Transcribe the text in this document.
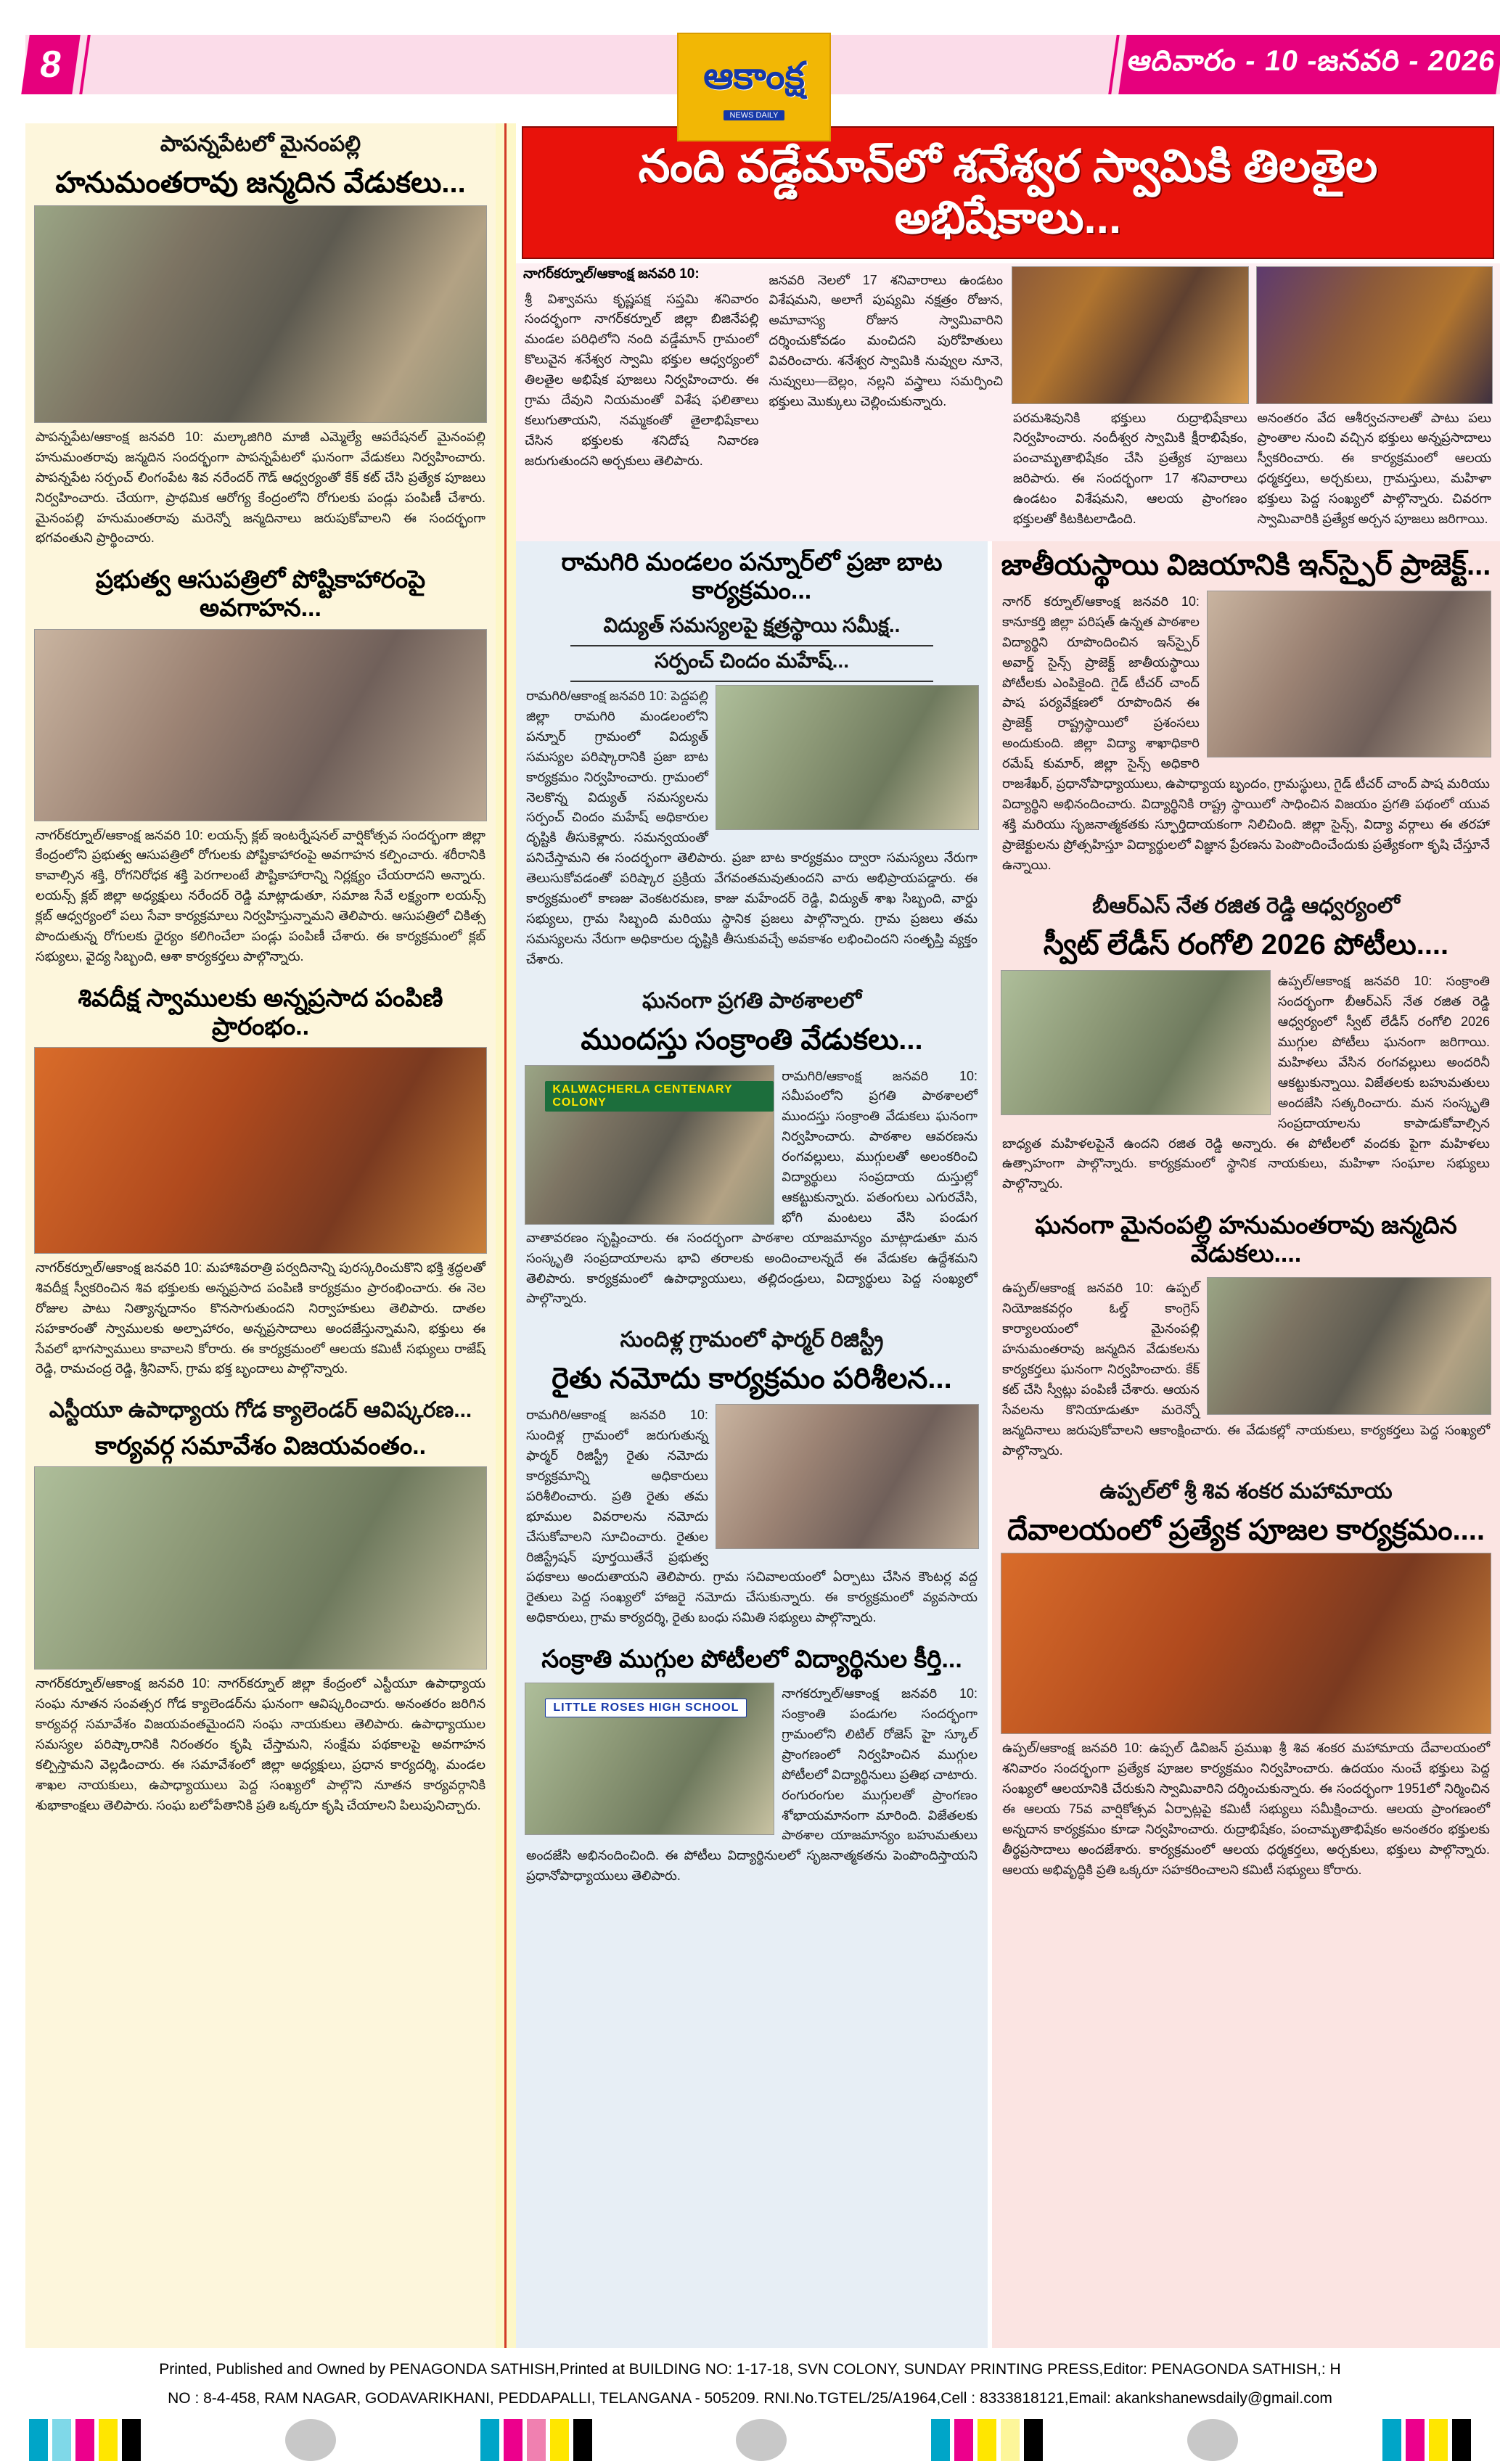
8	ఆదివారం - 10 -జనవరి - 2026
ఆకాంక్ష
NEWS DAILY
పాపన్నపేటలో మైనంపల్లి
హనుమంతరావు జన్మదిన వేడుకలు...
పాపన్నపేట/ఆకాంక్ష జనవరి 10: మల్కాజిగిరి మాజీ ఎమ్మెల్యే ఆపరేషనల్ మైనంపల్లి హనుమంతరావు జన్మదిన సందర్భంగా పాపన్నపేటలో ఘనంగా వేడుకలు నిర్వహించారు. పాపన్నపేట సర్పంచ్ లింగంపేట శివ నరేందర్ గౌడ్ ఆధ్వర్యంతో కేక్ కట్ చేసి ప్రత్యేక పూజలు నిర్వహించారు. చేయగా, ప్రాథమిక ఆరోగ్య కేంద్రంలోని రోగులకు పండ్లు పంపిణీ చేశారు. మైనంపల్లి హనుమంతరావు మరెన్నో జన్మదినాలు జరుపుకోవాలని ఈ సందర్భంగా భగవంతుని ప్రార్థించారు.
ప్రభుత్వ ఆసుపత్రిలో పోష్టికాహారంపై అవగాహన...
నాగర్‌కర్నూల్/ఆకాంక్ష జనవరి 10: లయన్స్ క్లబ్ ఇంటర్నేషనల్ వార్షికోత్సవ సందర్భంగా జిల్లా కేంద్రంలోని ప్రభుత్వ ఆసుపత్రిలో రోగులకు పోష్టికాహారంపై అవగాహన కల్పించారు. శరీరానికి కావాల్సిన శక్తి, రోగనిరోధక శక్తి పెరగాలంటే పౌష్టికాహారాన్ని నిర్లక్ష్యం చేయరాదని అన్నారు. లయన్స్ క్లబ్ జిల్లా అధ్యక్షులు నరేందర్ రెడ్డి మాట్లాడుతూ, సమాజ సేవే లక్ష్యంగా లయన్స్ క్లబ్ ఆధ్వర్యంలో పలు సేవా కార్యక్రమాలు నిర్వహిస్తున్నామని తెలిపారు. ఆసుపత్రిలో చికిత్స పొందుతున్న రోగులకు ధైర్యం కలిగించేలా పండ్లు పంపిణీ చేశారు. ఈ కార్యక్రమంలో క్లబ్ సభ్యులు, వైద్య సిబ్బంది, ఆశా కార్యకర్తలు పాల్గొన్నారు.
శివదీక్ష స్వాములకు అన్నప్రసాద పంపిణి ప్రారంభం..
నాగర్‌కర్నూల్/ఆకాంక్ష జనవరి 10: మహాశివరాత్రి పర్వదినాన్ని పురస్కరించుకొని భక్తి శ్రద్ధలతో శివదీక్ష స్వీకరించిన శివ భక్తులకు అన్నప్రసాద పంపిణి కార్యక్రమం ప్రారంభించారు. ఈ నెల రోజుల పాటు నిత్యాన్నదానం కొనసాగుతుందని నిర్వాహకులు తెలిపారు. దాతల సహకారంతో స్వాములకు అల్పాహారం, అన్నప్రసాదాలు అందజేస్తున్నామని, భక్తులు ఈ సేవలో భాగస్వాములు కావాలని కోరారు. ఈ కార్యక్రమంలో ఆలయ కమిటీ సభ్యులు రాజేష్ రెడ్డి, రామచంద్ర రెడ్డి, శ్రీనివాస్, గ్రామ భక్త బృందాలు పాల్గొన్నారు.
ఎస్టీయూ ఉపాధ్యాయ గోడ క్యాలెండర్ ఆవిష్కరణ...
కార్యవర్గ సమావేశం విజయవంతం..
నాగర్‌కర్నూల్/ఆకాంక్ష జనవరి 10: నాగర్‌కర్నూల్ జిల్లా కేంద్రంలో ఎస్టీయూ ఉపాధ్యాయ సంఘ నూతన సంవత్సర గోడ క్యాలెండర్‌ను ఘనంగా ఆవిష్కరించారు. అనంతరం జరిగిన కార్యవర్గ సమావేశం విజయవంతమైందని సంఘ నాయకులు తెలిపారు. ఉపాధ్యాయుల సమస్యల పరిష్కారానికి నిరంతరం కృషి చేస్తామని, సంక్షేమ పథకాలపై అవగాహన కల్పిస్తామని వెల్లడించారు. ఈ సమావేశంలో జిల్లా అధ్యక్షులు, ప్రధాన కార్యదర్శి, మండల శాఖల నాయకులు, ఉపాధ్యాయులు పెద్ద సంఖ్యలో పాల్గొని నూతన కార్యవర్గానికి శుభాకాంక్షలు తెలిపారు. సంఘ బలోపేతానికి ప్రతి ఒక్కరూ కృషి చేయాలని పిలుపునిచ్చారు.
నంది వడ్డేమాన్‌లో శనేశ్వర స్వామికి తిలతైల అభిషేకాలు...
నాగర్‌కర్నూల్/ఆకాంక్ష జనవరి 10:
శ్రీ విశ్వావసు కృష్ణపక్ష సప్తమి శనివారం సందర్భంగా నాగర్‌కర్నూల్ జిల్లా బిజినేపల్లి మండల పరిధిలోని నంది వడ్డేమాన్ గ్రామంలో కొలువైన శనేశ్వర స్వామి భక్తుల ఆధ్వర్యంలో తిలతైల అభిషేక పూజలు నిర్వహించారు. ఈ గ్రామ దేవుని నియమంతో విశేష ఫలితాలు కలుగుతాయని, నమ్మకంతో తైలాభిషేకాలు చేసిన భక్తులకు శనిదోష నివారణ జరుగుతుందని అర్చకులు తెలిపారు.
జనవరి నెలలో 17 శనివారాలు ఉండటం విశేషమని, అలాగే పుష్యమి నక్షత్రం రోజున, అమావాస్య రోజున స్వామివారిని దర్శించుకోవడం మంచిదని పురోహితులు వివరించారు. శనేశ్వర స్వామికి నువ్వుల నూనె, నువ్వులు—బెల్లం, నల్లని వస్త్రాలు సమర్పించి భక్తులు మొక్కులు చెల్లించుకున్నారు.
పరమశివునికి భక్తులు రుద్రాభిషేకాలు నిర్వహించారు. నందీశ్వర స్వామికి క్షీరాభిషేకం, పంచామృతాభిషేకం చేసి ప్రత్యేక పూజలు జరిపారు. ఈ సందర్భంగా 17 శనివారాలు ఉండటం విశేషమని, ఆలయ ప్రాంగణం భక్తులతో కిటకిటలాడింది.
అనంతరం వేద ఆశీర్వచనాలతో పాటు పలు ప్రాంతాల నుంచి వచ్చిన భక్తులు అన్నప్రసాదాలు స్వీకరించారు. ఈ కార్యక్రమంలో ఆలయ ధర్మకర్తలు, అర్చకులు, గ్రామస్తులు, మహిళా భక్తులు పెద్ద సంఖ్యలో పాల్గొన్నారు. చివరగా స్వామివారికి ప్రత్యేక అర్చన పూజలు జరిగాయి.
రామగిరి మండలం పన్నూర్‌లో ప్రజా బాట కార్యక్రమం...
విద్యుత్ సమస్యలపై క్షత్రస్థాయి సమీక్ష..
సర్పంచ్ చిందం మహేష్...
రామగిరి/ఆకాంక్ష జనవరి 10: పెద్దపల్లి జిల్లా రామగిరి మండలంలోని పన్నూర్ గ్రామంలో విద్యుత్ సమస్యల పరిష్కారానికి ప్రజా బాట కార్యక్రమం నిర్వహించారు. గ్రామంలో నెలకొన్న విద్యుత్ సమస్యలను సర్పంచ్ చిందం మహేష్ అధికారుల దృష్టికి తీసుకెళ్లారు. సమన్వయంతో పనిచేస్తామని ఈ సందర్భంగా తెలిపారు. ప్రజా బాట కార్యక్రమం ద్వారా సమస్యలు నేరుగా తెలుసుకోవడంతో పరిష్కార ప్రక్రియ వేగవంతమవుతుందని వారు అభిప్రాయపడ్డారు. ఈ కార్యక్రమంలో కాణజు వెంకటరమణ, కాజు మహేందర్ రెడ్డి, విద్యుత్ శాఖ సిబ్బంది, వార్డు సభ్యులు, గ్రామ సిబ్బంది మరియు స్థానిక ప్రజలు పాల్గొన్నారు. గ్రామ ప్రజలు తమ సమస్యలను నేరుగా అధికారుల దృష్టికి తీసుకువచ్చే అవకాశం లభించిందని సంతృప్తి వ్యక్తం చేశారు.
ఘనంగా ప్రగతి పాఠశాలలో
ముందస్తు సంక్రాంతి వేడుకలు...
KALWACHERLA CENTENARY COLONY
రామగిరి/ఆకాంక్ష జనవరి 10: సమీపంలోని ప్రగతి పాఠశాలలో ముందస్తు సంక్రాంతి వేడుకలు ఘనంగా నిర్వహించారు. పాఠశాల ఆవరణను రంగవల్లులు, ముగ్గులతో అలంకరించి విద్యార్థులు సంప్రదాయ దుస్తుల్లో ఆకట్టుకున్నారు. పతంగులు ఎగురవేసి, భోగి మంటలు వేసి పండుగ వాతావరణం సృష్టించారు. ఈ సందర్భంగా పాఠశాల యాజమాన్యం మాట్లాడుతూ మన సంస్కృతి సంప్రదాయాలను భావి తరాలకు అందించాలన్నదే ఈ వేడుకల ఉద్దేశమని తెలిపారు. కార్యక్రమంలో ఉపాధ్యాయులు, తల్లిదండ్రులు, విద్యార్థులు పెద్ద సంఖ్యలో పాల్గొన్నారు.
సుందిళ్ల గ్రామంలో ఫార్మర్ రిజిస్ట్రీ
రైతు నమోదు కార్యక్రమం పరిశీలన...
రామగిరి/ఆకాంక్ష జనవరి 10: సుందిళ్ల గ్రామంలో జరుగుతున్న ఫార్మర్ రిజిస్ట్రీ రైతు నమోదు కార్యక్రమాన్ని అధికారులు పరిశీలించారు. ప్రతి రైతు తమ భూముల వివరాలను నమోదు చేసుకోవాలని సూచించారు. రైతుల రిజిస్ట్రేషన్ పూర్తయితేనే ప్రభుత్వ పథకాలు అందుతాయని తెలిపారు. గ్రామ సచివాలయంలో ఏర్పాటు చేసిన కౌంటర్ల వద్ద రైతులు పెద్ద సంఖ్యలో హాజరై నమోదు చేసుకున్నారు. ఈ కార్యక్రమంలో వ్యవసాయ అధికారులు, గ్రామ కార్యదర్శి, రైతు బంధు సమితి సభ్యులు పాల్గొన్నారు.
సంక్రాతి ముగ్గుల పోటీలలో విద్యార్థినుల కీర్తి...
LITTLE ROSES HIGH SCHOOL
నాగకర్నూల్/ఆకాంక్ష జనవరి 10: సంక్రాంతి పండుగల సందర్భంగా గ్రామంలోని లిటిల్ రోజెస్ హై స్కూల్ ప్రాంగణంలో నిర్వహించిన ముగ్గుల పోటీలలో విద్యార్థినులు ప్రతిభ చాటారు. రంగురంగుల ముగ్గులతో ప్రాంగణం శోభాయమానంగా మారింది. విజేతలకు పాఠశాల యాజమాన్యం బహుమతులు అందజేసి అభినందించింది. ఈ పోటీలు విద్యార్థినులలో సృజనాత్మకతను పెంపొందిస్తాయని ప్రధానోపాధ్యాయులు తెలిపారు.
జాతీయస్థాయి విజయానికి ఇన్‌స్పైర్ ప్రాజెక్ట్...
నాగర్ కర్నూల్/ఆకాంక్ష జనవరి 10: కానూకర్తి జిల్లా పరిషత్ ఉన్నత పాఠశాల విద్యార్థిని రూపొందించిన ఇన్‌స్పైర్ అవార్డ్ సైన్స్ ప్రాజెక్ట్ జాతీయస్థాయి పోటీలకు ఎంపికైంది. గైడ్ టీచర్ చాంద్ పాష పర్యవేక్షణలో రూపొందిన ఈ ప్రాజెక్ట్ రాష్ట్రస్థాయిలో ప్రశంసలు అందుకుంది. జిల్లా విద్యా శాఖాధికారి రమేష్ కుమార్, జిల్లా సైన్స్ అధికారి రాజశేఖర్, ప్రధానోపాధ్యాయులు, ఉపాధ్యాయ బృందం, గ్రామస్థులు, గైడ్ టీచర్ చాంద్ పాష మరియు విద్యార్థిని అభినందించారు. విద్యార్థినికి రాష్ట్ర స్థాయిలో సాధించిన విజయం ప్రగతి పథంలో యువ శక్తి మరియు సృజనాత్మకతకు స్ఫూర్తిదాయకంగా నిలిచింది. జిల్లా సైన్స్, విద్యా వర్గాలు ఈ తరహా ప్రాజెక్టులను ప్రోత్సహిస్తూ విద్యార్థులలో విజ్ఞాన ప్రేరణను పెంపొందించేందుకు ప్రత్యేకంగా కృషి చేస్తూనే ఉన్నాయి.
బీఆర్ఎస్ నేత రజిత రెడ్డి ఆధ్వర్యంలో
స్వీట్ లేడీస్ రంగోలి 2026 పోటీలు....
ఉప్పల్/ఆకాంక్ష జనవరి 10: సంక్రాంతి సందర్భంగా బీఆర్ఎస్ నేత రజిత రెడ్డి ఆధ్వర్యంలో స్వీట్ లేడీస్ రంగోలి 2026 ముగ్గుల పోటీలు ఘనంగా జరిగాయి. మహిళలు వేసిన రంగవల్లులు అందరినీ ఆకట్టుకున్నాయి. విజేతలకు బహుమతులు అందజేసి సత్కరించారు. మన సంస్కృతి సంప్రదాయాలను కాపాడుకోవాల్సిన బాధ్యత మహిళలపైనే ఉందని రజిత రెడ్డి అన్నారు. ఈ పోటీలలో వందకు పైగా మహిళలు ఉత్సాహంగా పాల్గొన్నారు. కార్యక్రమంలో స్థానిక నాయకులు, మహిళా సంఘాల సభ్యులు పాల్గొన్నారు.
ఘనంగా మైనంపల్లి హనుమంతరావు జన్మదిన వేడుకలు....
ఉప్పల్/ఆకాంక్ష జనవరి 10: ఉప్పల్ నియోజకవర్గం ఓల్డ్ కాంగ్రెస్ కార్యాలయంలో మైనంపల్లి హనుమంతరావు జన్మదిన వేడుకలను కార్యకర్తలు ఘనంగా నిర్వహించారు. కేక్ కట్ చేసి స్వీట్లు పంపిణీ చేశారు. ఆయన సేవలను కొనియాడుతూ మరెన్నో జన్మదినాలు జరుపుకోవాలని ఆకాంక్షించారు. ఈ వేడుకల్లో నాయకులు, కార్యకర్తలు పెద్ద సంఖ్యలో పాల్గొన్నారు.
ఉప్పల్‌లో శ్రీ శివ శంకర మహామాయ
దేవాలయంలో ప్రత్యేక పూజల కార్యక్రమం....
ఉప్పల్/ఆకాంక్ష జనవరి 10: ఉప్పల్ డివిజన్ ప్రముఖ శ్రీ శివ శంకర మహామాయ దేవాలయంలో శనివారం సందర్భంగా ప్రత్యేక పూజల కార్యక్రమం నిర్వహించారు. ఉదయం నుంచే భక్తులు పెద్ద సంఖ్యలో ఆలయానికి చేరుకుని స్వామివారిని దర్శించుకున్నారు. ఈ సందర్భంగా 1951లో నిర్మించిన ఈ ఆలయ 75వ వార్షికోత్సవ ఏర్పాట్లపై కమిటీ సభ్యులు సమీక్షించారు. ఆలయ ప్రాంగణంలో అన్నదాన కార్యక్రమం కూడా నిర్వహించారు. రుద్రాభిషేకం, పంచామృతాభిషేకం అనంతరం భక్తులకు తీర్థప్రసాదాలు అందజేశారు. కార్యక్రమంలో ఆలయ ధర్మకర్తలు, అర్చకులు, భక్తులు పాల్గొన్నారు. ఆలయ అభివృద్ధికి ప్రతి ఒక్కరూ సహకరించాలని కమిటీ సభ్యులు కోరారు.
Printed, Published and Owned by PENAGONDA SATHISH,Printed at BUILDING NO: 1-17-18, SVN COLONY, SUNDAY PRINTING PRESS,Editor: PENAGONDA SATHISH,: H
NO : 8-4-458, RAM NAGAR, GODAVARIKHANI, PEDDAPALLI, TELANGANA - 505209. RNI.No.TGTEL/25/A1964,Cell : 8333818121,Email: akankshanewsdaily@gmail.com
